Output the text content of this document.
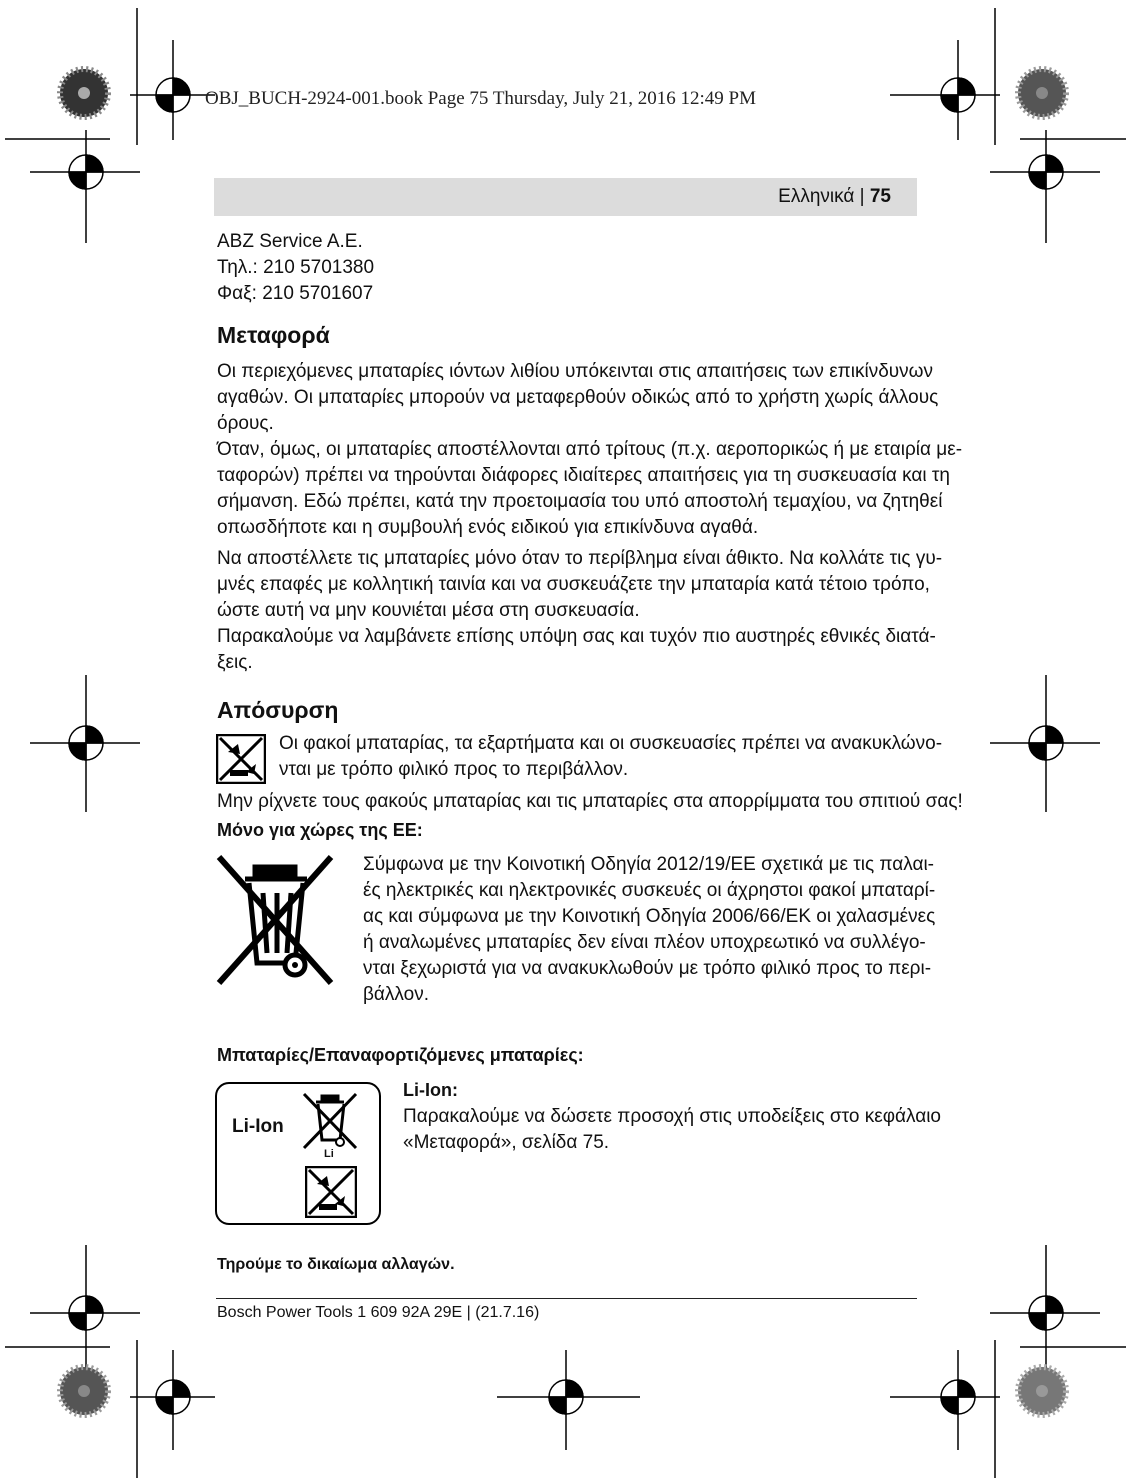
OBJ_BUCH-2924-001.book Page 75 Thursday, July 21, 2016 12:49 PM
Ελληνικά | 75
ABZ Service A.E.
Τηλ.: 210 5701380
Φαξ: 210 5701607
Μεταφορά
Οι περιεχόμενες μπαταρίες ιόντων λιθίου υπόκεινται στις απαιτήσεις των επικίνδυνων
αγαθών. Οι μπαταρίες μπορούν να μεταφερθούν οδικώς από το χρήστη χωρίς άλλους
όρους.
Όταν, όμως, οι μπαταρίες αποστέλλονται από τρίτους (π.χ. αεροπορικώς ή με εταιρία με-
ταφορών) πρέπει να τηρούνται διάφορες ιδιαίτερες απαιτήσεις για τη συσκευασία και τη
σήμανση. Εδώ πρέπει, κατά την προετοιμασία του υπό αποστολή τεμαχίου, να ζητηθεί
οπωσδήποτε και η συμβουλή ενός ειδικού για επικίνδυνα αγαθά.
Να αποστέλλετε τις μπαταρίες μόνο όταν το περίβλημα είναι άθικτο. Να κολλάτε τις γυ-
μνές επαφές με κολλητική ταινία και να συσκευάζετε την μπαταρία κατά τέτοιο τρόπο,
ώστε αυτή να μην κουνιέται μέσα στη συσκευασία.
Παρακαλούμε να λαμβάνετε επίσης υπόψη σας και τυχόν πιο αυστηρές εθνικές διατά-
ξεις.
Απόσυρση
Οι φακοί μπαταρίας, τα εξαρτήματα και οι συσκευασίες πρέπει να ανακυκλώνο-
νται με τρόπο φιλικό προς το περιβάλλον.
Μην ρίχνετε τους φακούς μπαταρίας και τις μπαταρίες στα απορρίμματα του σπιτιού σας!
Μόνο για χώρες της ΕΕ:
Σύμφωνα με την Κοινοτική Οδηγία 2012/19/ΕΕ σχετικά με τις παλαι-
ές ηλεκτρικές και ηλεκτρονικές συσκευές οι άχρηστοι φακοί μπαταρί-
ας και σύμφωνα με την Κοινοτική Οδηγία 2006/66/ΕΚ οι χαλασμένες
ή αναλωμένες μπαταρίες δεν είναι πλέον υποχρεωτικό να συλλέγο-
νται ξεχωριστά για να ανακυκλωθούν με τρόπο φιλικό προς το περι-
βάλλον.
Μπαταρίες/Επαναφορτιζόμενες μπαταρίες:
Li-Ion
Li
Li-Ion:
Παρακαλούμε να δώσετε προσοχή στις υποδείξεις στο κεφάλαιο
«Μεταφορά», σελίδα 75.
Τηρούμε το δικαίωμα αλλαγών.
Bosch Power Tools 1 609 92A 29E | (21.7.16)
